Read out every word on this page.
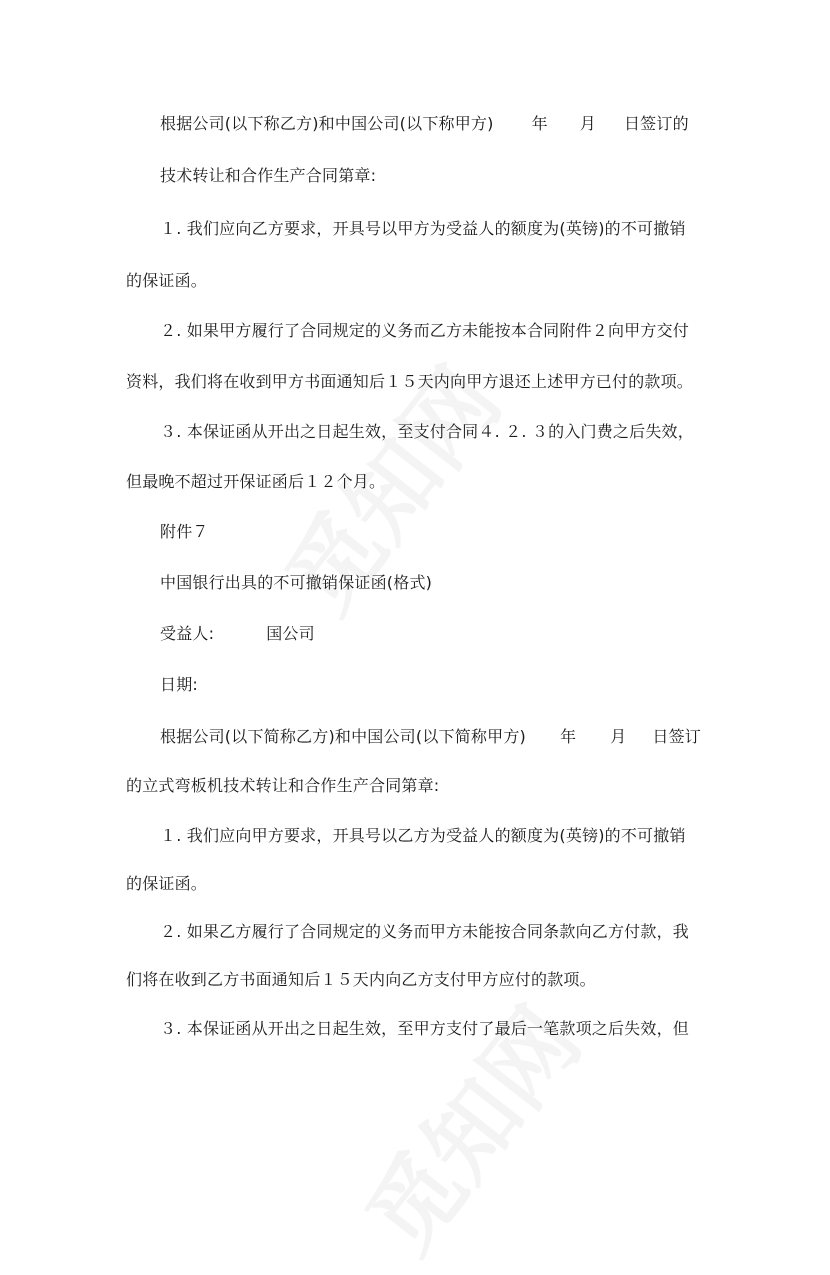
根据公司(以下称乙方)和中国公司(以下称甲方) 年 月 日签订的
技术转让和合作生产合同第章:
１. 我们应向乙方要求，开具号以甲方为受益人的额度为(英镑)的不可撤销
的保证函。
２. 如果甲方履行了合同规定的义务而乙方未能按本合同附件２向甲方交付
资料，我们将在收到甲方书面通知后１５天内向甲方退还上述甲方已付的款项。
３. 本保证函从开出之日起生效，至支付合同４. ２. ３的入门费之后失效，
但最晚不超过开保证函后１２个月。
附件７
中国银行出具的不可撤销保证函(格式)
受益人:	国公司
日期:
根据公司(以下简称乙方)和中国公司(以下简称甲方) 年 月 日签订
的立式弯板机技术转让和合作生产合同第章:
１. 我们应向甲方要求，开具号以乙方为受益人的额度为(英镑)的不可撤销
的保证函。
２. 如果乙方履行了合同规定的义务而甲方未能按合同条款向乙方付款，我
们将在收到乙方书面通知后１５天内向乙方支付甲方应付的款项。
３. 本保证函从开出之日起生效，至甲方支付了最后一笔款项之后失效，但
